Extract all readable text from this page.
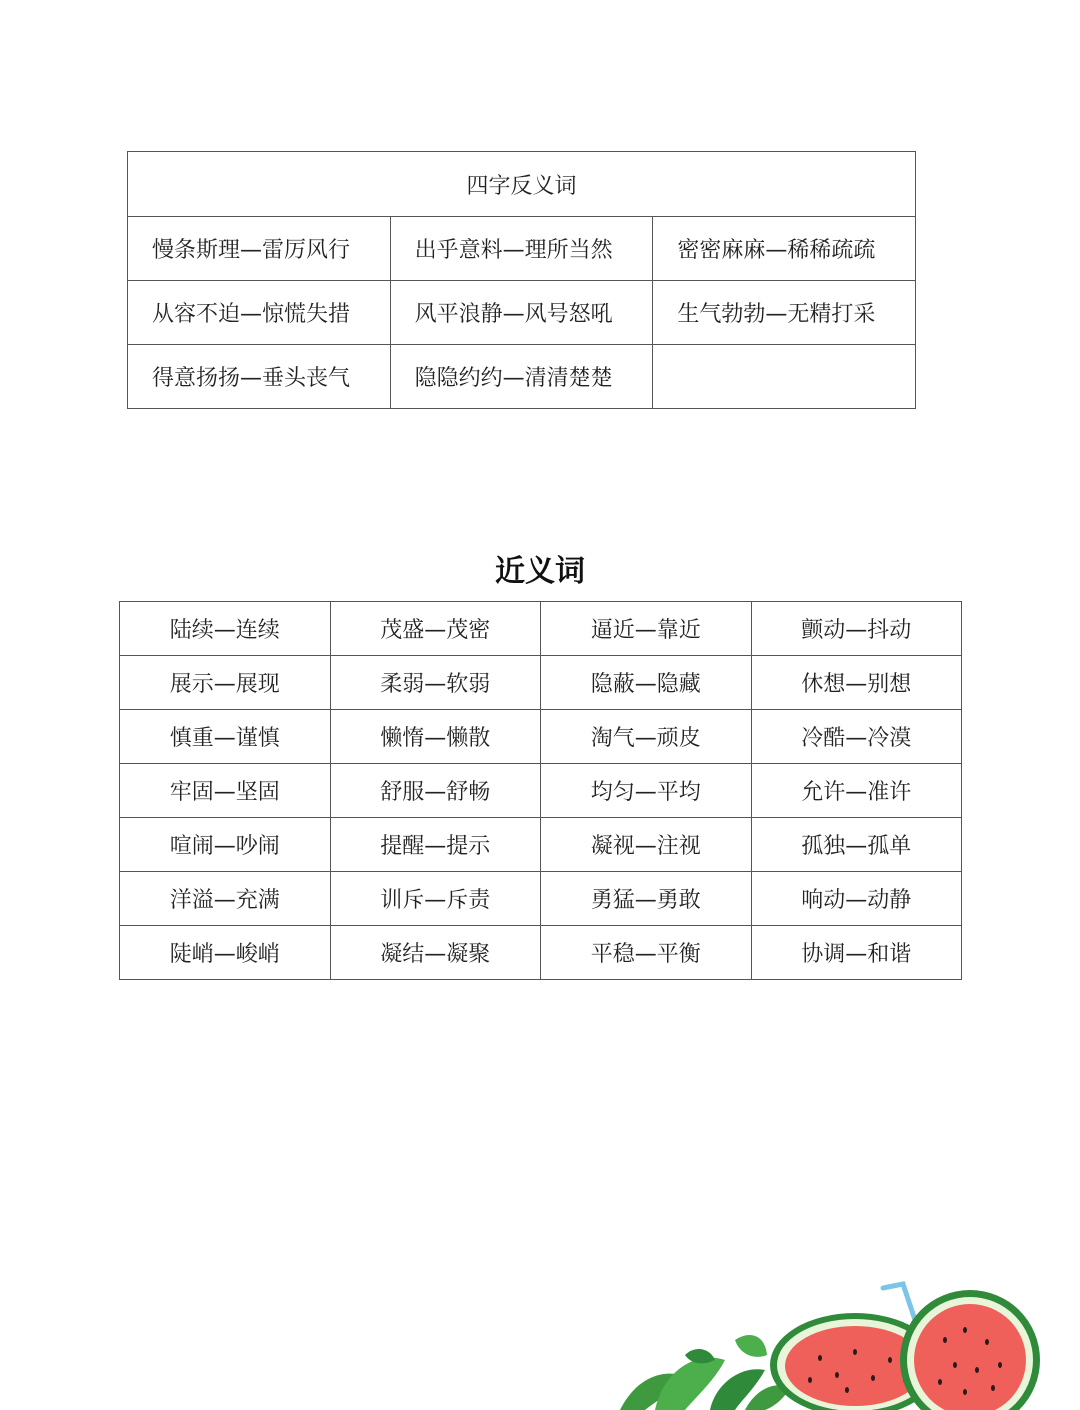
四字反义词		
慢条斯理—雷厉风行	出乎意料—理所当然	密密麻麻—稀稀疏疏
从容不迫—惊慌失措	风平浪静—风号怒吼	生气勃勃—无精打采
得意扬扬—垂头丧气	隐隐约约—清清楚楚	
近义词
陆续—连续	茂盛—茂密	逼近—靠近	颤动—抖动
展示—展现	柔弱—软弱	隐蔽—隐藏	休想—别想
慎重—谨慎	懒惰—懒散	淘气—顽皮	冷酷—冷漠
牢固—坚固	舒服—舒畅	均匀—平均	允许—准许
喧闹—吵闹	提醒—提示	凝视—注视	孤独—孤单
洋溢—充满	训斥—斥责	勇猛—勇敢	响动—动静
陡峭—峻峭	凝结—凝聚	平稳—平衡	协调—和谐
